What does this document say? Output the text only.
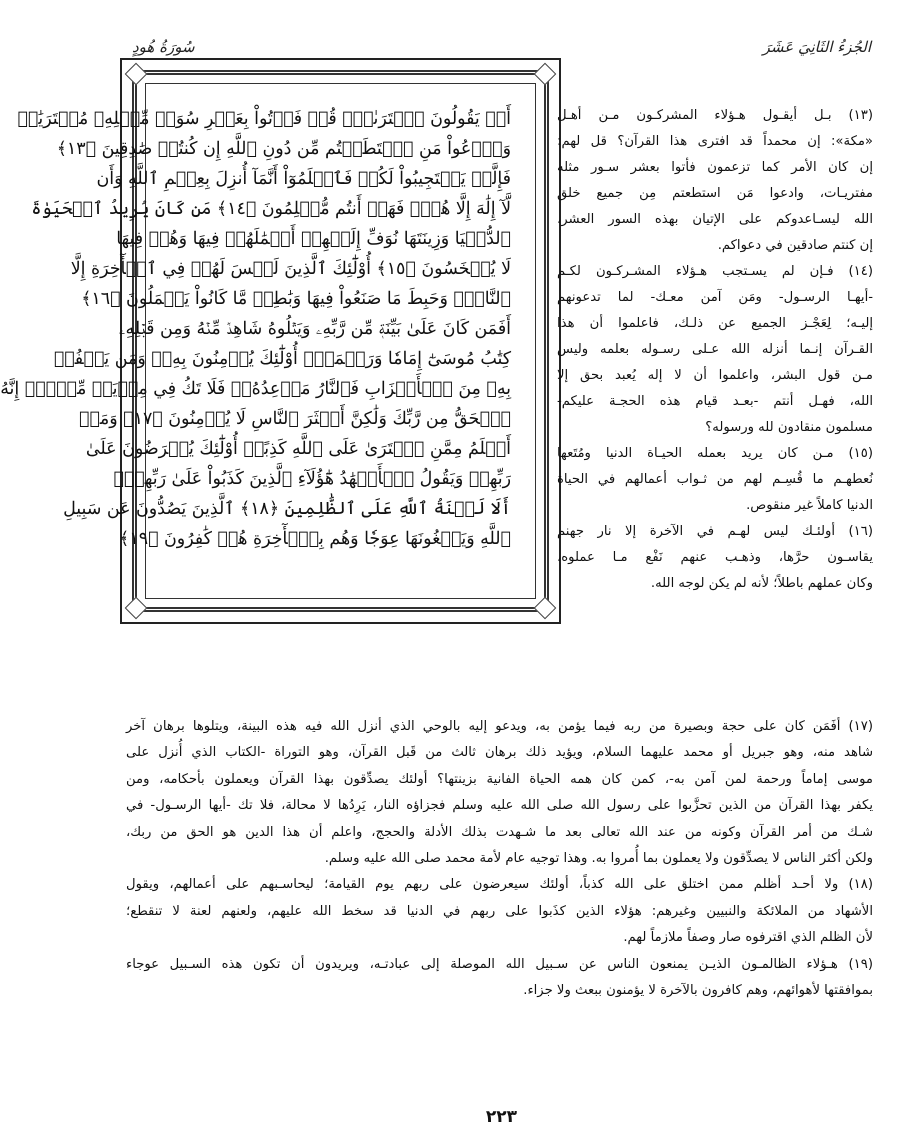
الجُزءُ الثَانِيَ عَشَرَ
سُورَةُ هُودٍ
أَمۡ يَقُولُونَ ٱفۡتَرَىٰهُۖ قُلۡ فَأۡتُواْ بِعَشۡرِ سُوَرٖ مِّثۡلِهِۦ مُفۡتَرَيَٰتٖ
وَٱدۡعُواْ مَنِ ٱسۡتَطَعۡتُم مِّن دُونِ ٱللَّهِ إِن كُنتُمۡ صَٰدِقِينَ ﴿١٣﴾
فَإِلَّمۡ يَسۡتَجِيبُواْ لَكُمۡ فَٱعۡلَمُوٓاْ أَنَّمَآ أُنزِلَ بِعِلۡمِ ٱللَّهِ وَأَن
لَّآ إِلَٰهَ إِلَّا هُوَۖ فَهَلۡ أَنتُم مُّسۡلِمُونَ ﴿١٤﴾ مَن كَانَ يُرِيدُ ٱلۡحَيَوٰةَ
ٱلدُّنۡيَا وَزِينَتَهَا نُوَفِّ إِلَيۡهِمۡ أَعۡمَٰلَهُمۡ فِيهَا وَهُمۡ فِيهَا
لَا يُبۡخَسُونَ ﴿١٥﴾ أُوْلَٰٓئِكَ ٱلَّذِينَ لَيۡسَ لَهُمۡ فِي ٱلۡأٓخِرَةِ إِلَّا
ٱلنَّارُۖ وَحَبِطَ مَا صَنَعُواْ فِيهَا وَبَٰطِلٞ مَّا كَانُواْ يَعۡمَلُونَ ﴿١٦﴾
أَفَمَن كَانَ عَلَىٰ بَيِّنَةٖ مِّن رَّبِّهِۦ وَيَتۡلُوهُ شَاهِدٞ مِّنۡهُ وَمِن قَبۡلِهِۦ
كِتَٰبُ مُوسَىٰٓ إِمَامٗا وَرَحۡمَةًۚ أُوْلَٰٓئِكَ يُؤۡمِنُونَ بِهِۦۚ وَمَن يَكۡفُرۡ
بِهِۦ مِنَ ٱلۡأَحۡزَابِ فَٱلنَّارُ مَوۡعِدُهُۥۚ فَلَا تَكُ فِي مِرۡيَةٖ مِّنۡهُۚ إِنَّهُ
ٱلۡحَقُّ مِن رَّبِّكَ وَلَٰكِنَّ أَكۡثَرَ ٱلنَّاسِ لَا يُؤۡمِنُونَ ﴿١٧﴾ وَمَنۡ
أَظۡلَمُ مِمَّنِ ٱفۡتَرَىٰ عَلَى ٱللَّهِ كَذِبًاۚ أُوْلَٰٓئِكَ يُعۡرَضُونَ عَلَىٰ
رَبِّهِمۡ وَيَقُولُ ٱلۡأَشۡهَٰدُ هَٰٓؤُلَآءِ ٱلَّذِينَ كَذَبُواْ عَلَىٰ رَبِّهِمۡۚ
أَلَا لَعۡنَةُ ٱللَّهِ عَلَى ٱلظَّٰلِمِينَ ﴿١٨﴾ ٱلَّذِينَ يَصُدُّونَ عَن سَبِيلِ
ٱللَّهِ وَيَبۡغُونَهَا عِوَجٗا وَهُم بِٱلۡأٓخِرَةِ هُمۡ كَٰفِرُونَ ﴿١٩﴾
(١٣) بـل أيقـول هـؤلاء المشركـون مـن أهـل
«مكة»: إن محمداً قد افترى هذا القرآن؟ قل لهم:
إن كان الأمر كما تزعمون فأتوا بعشر سـور مثله
مفتريـات، وادعوا مَن استطعتم مِن جميع خلق
الله ليسـاعدوكم على الإتيان بهذه السور العشر،
إن كنتم صادقين في دعواكم.
(١٤) فـإن لم يسـتجب هـؤلاء المشـركـون لكـم
-أيهـا الرسـول- ومَن آمن معـك- لما تدعونهم
إليـه؛ لِعَجْـز الجميع عن ذلـك، فاعلموا أن هذا
القـرآن إنـما أنزله الله عـلى رسـوله بعلمه وليس
مـن قول البشر، واعلموا أن لا إله يُعبد بحق إلا
الله، فهـل أنتم -بعـد قيام هذه الحجـة عليكم-
مسلمون منقادون لله ورسوله؟
(١٥) مـن كان يريد بعمله الحيـاة الدنيا ومُتَعها
نُعطهـم ما قُسِـم لهم من ثـواب أعمالهم في الحياة
الدنيا كاملاً غير منقوص.
(١٦) أولئـك ليس لهـم في الآخرة إلا نار جهنم
يقاسـون حرَّها، وذهـب عنهم نَفْع مـا عملوه،
وكان عملهم باطلاً؛ لأنه لم يكن لوجه الله.
(١٧) أفَمَن كان على حجة وبصيرة من ربه فيما يؤمن به، ويدعو إليه بالوحي الذي أنزل الله فيه هذه البينة، ويتلوها برهان آخر
شاهد منه، وهو جبريل أو محمد عليهما السلام، ويؤيد ذلك برهان ثالث من قَبل القرآن، وهو التوراة -الكتاب الذي أُنزل على
موسى إماماً ورحمة لمن آمن به-، كمن كان همه الحياة الفانية بزينتها؟ أولئك يصدِّقون بهذا القرآن ويعملون بأحكامه، ومن
يكفر بهذا القرآن من الذين تحزَّبوا على رسول الله صلى الله عليه وسلم فجزاؤه النار، يَرِدُها لا محالة، فلا تك -أيها الرسـول- في
شـك من أمر القرآن وكونه من عند الله تعالى بعد ما شـهدت بذلك الأدلة والحجج، واعلم أن هذا الدين هو الحق من ربك،
ولكن أكثر الناس لا يصدِّقون ولا يعملون بما أُمروا به. وهذا توجيه عام لأمة محمد صلى الله عليه وسلم.
(١٨) ولا أحـد أظلم ممن اختلق على الله كذباً، أولئك سيعرضون على ربهم يوم القيامة؛ ليحاسـبهم على أعمالهم، ويقول
الأشهاد من الملائكة والنبيين وغيرهم: هؤلاء الذين كذَبوا على ربهم في الدنيا قد سخط الله عليهم، ولعنهم لعنة لا تنقطع؛
لأن الظلم الذي اقترفوه صار وصفاً ملازماً لهم.
(١٩) هـؤلاء الظالمـون الذيـن يمنعون الناس عن سـبيل الله الموصلة إلى عبادتـه، ويريدون أن تكون هذه السـبيل عوجاء
بموافقتها لأهوائهم، وهم كافرون بالآخرة لا يؤمنون ببعث ولا جزاء.
٢٢٣
